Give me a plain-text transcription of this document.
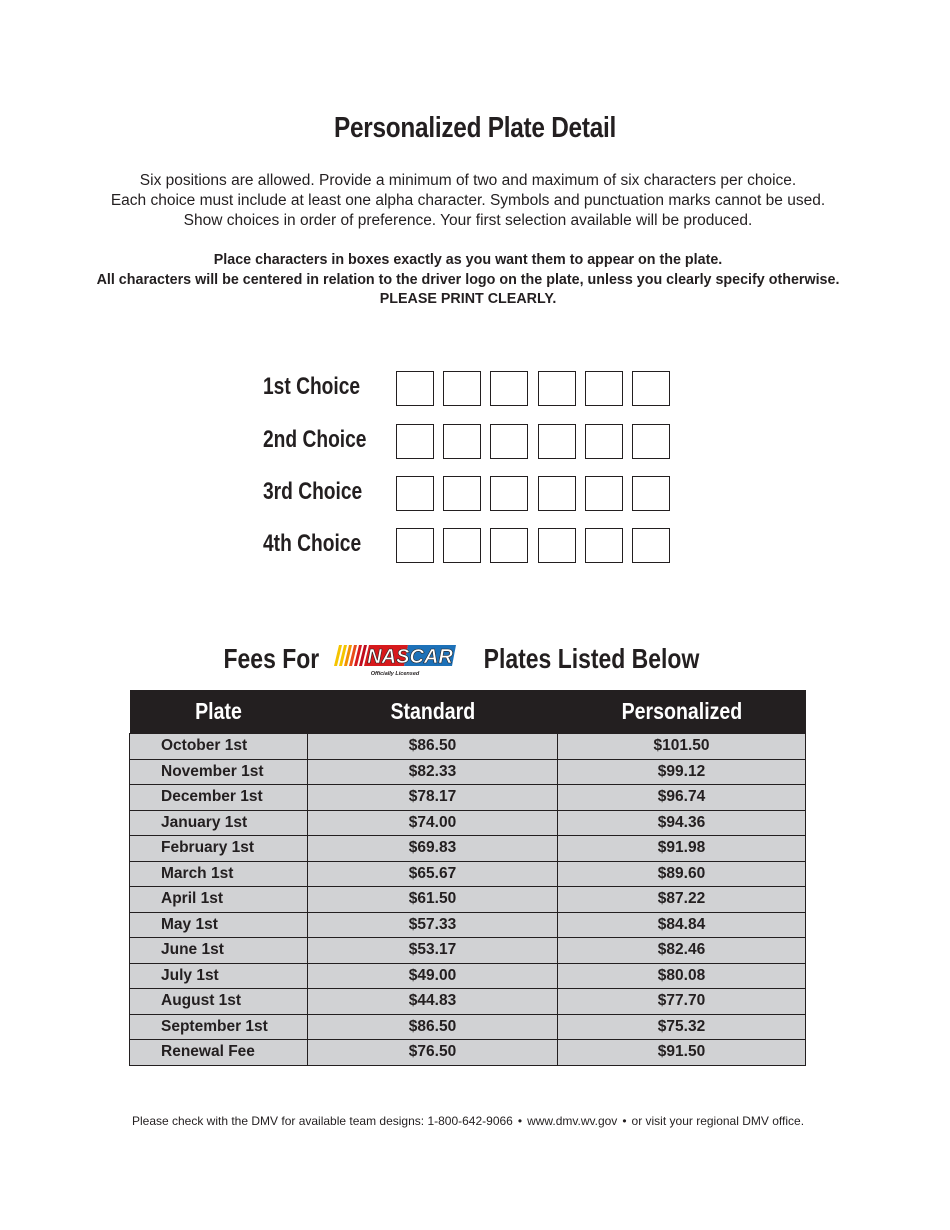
Personalized Plate Detail
Six positions are allowed. Provide a minimum of two and maximum of six characters per choice.
Each choice must include at least one alpha character. Symbols and punctuation marks cannot be used.
Show choices in order of preference. Your first selection available will be produced.
Place characters in boxes exactly as you want them to appear on the plate.
All characters will be centered in relation to the driver logo on the plate, unless you clearly specify otherwise.
PLEASE PRINT CLEARLY.
1st Choice
2nd Choice
3rd Choice
4th Choice
Fees For NASCAR
Officially Licensed Plates Listed Below
Plate	Standard	Personalized
October 1st	$86.50	$101.50
November 1st	$82.33	$99.12
December 1st	$78.17	$96.74
January 1st	$74.00	$94.36
February 1st	$69.83	$91.98
March 1st	$65.67	$89.60
April 1st	$61.50	$87.22
May 1st	$57.33	$84.84
June 1st	$53.17	$82.46
July 1st	$49.00	$80.08
August 1st	$44.83	$77.70
September 1st	$86.50	$75.32
Renewal Fee	$76.50	$91.50
Please check with the DMV for available team designs: 1-800-642-9066 • www.dmv.wv.gov • or visit your regional DMV office.
